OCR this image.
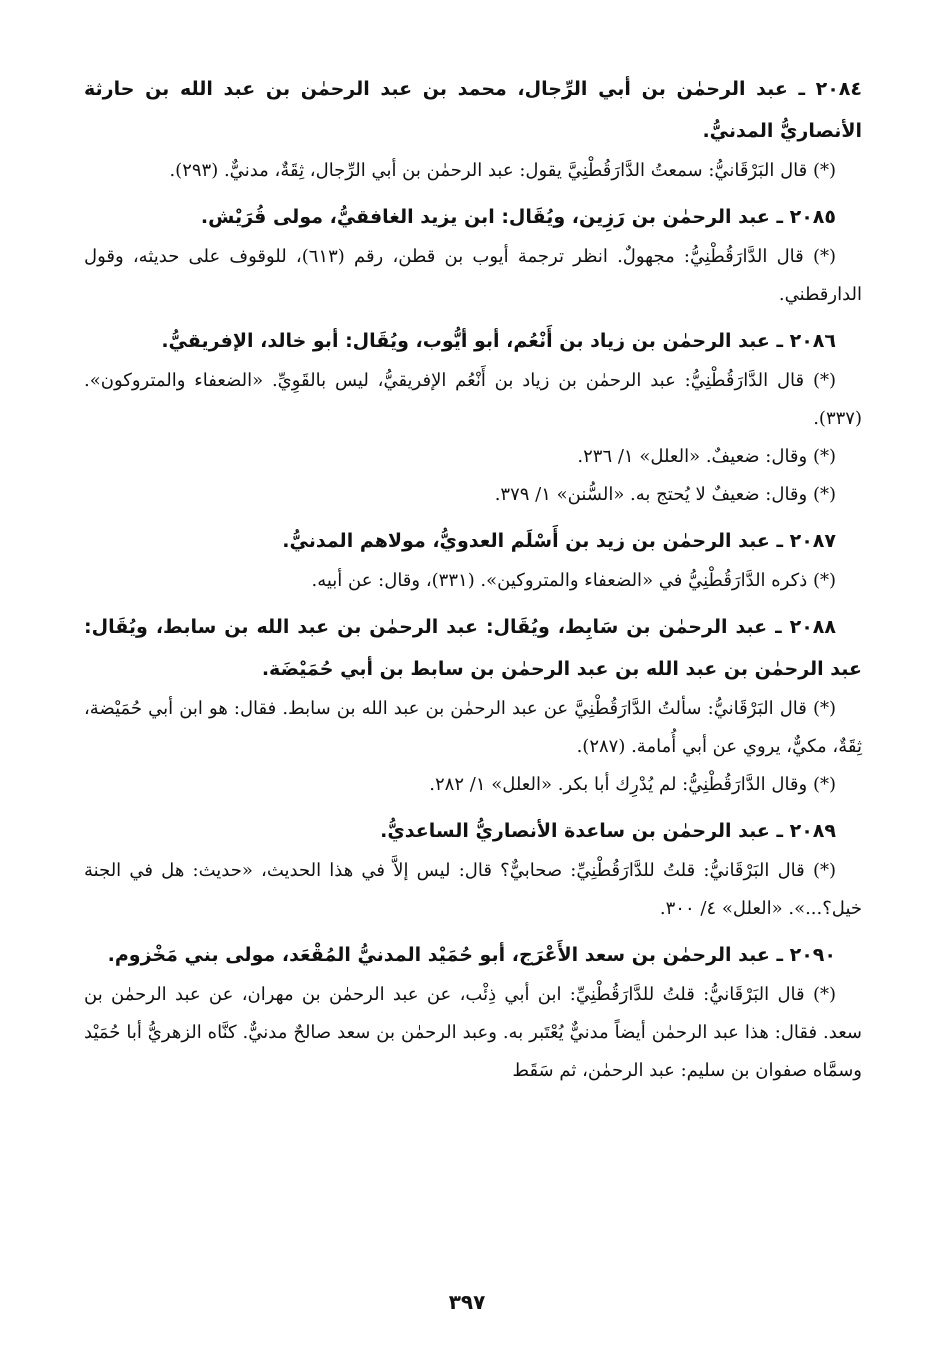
٢٠٨٤ ـ عبد الرحمٰن بن أبي الرِّجال، محمد بن عبد الرحمٰن بن عبد الله بن حارثة الأنصاريُّ المدنيُّ.

(*) قال البَرْقَانيُّ: سمعتُ الدَّارَقُطْنِيَّ يقول: عبد الرحمٰن بن أبي الرِّجال، ثِقَةٌ، مدنيٌّ. (٢٩٣).

٢٠٨٥ ـ عبد الرحمٰن بن رَزِين، ويُقَال: ابن يزيد الغافقيُّ، مولى قُرَيْش.

(*) قال الدَّارَقُطْنِيُّ: مجهولٌ. انظر ترجمة أيوب بن قطن، رقم (٦١٣)، للوقوف على حديثه، وقول الدارقطني.

٢٠٨٦ ـ عبد الرحمٰن بن زياد بن أَنْعُم، أبو أيُّوب، ويُقَال: أبو خالد، الإفريقيُّ.

(*) قال الدَّارَقُطْنِيُّ: عبد الرحمٰن بن زياد بن أَنْعُم الإفريقيُّ، ليس بالقَوِيِّ. «الضعفاء والمتروكون». (٣٣٧).

(*) وقال: ضعيفٌ. «العلل» ١/ ٢٣٦.

(*) وقال: ضعيفٌ لا يُحتج به. «السُّنن» ١/ ٣٧٩.

٢٠٨٧ ـ عبد الرحمٰن بن زيد بن أَسْلَم العدويُّ، مولاهم المدنيُّ.

(*) ذكره الدَّارَقُطْنِيُّ في «الضعفاء والمتروكين». (٣٣١)، وقال: عن أبيه.

٢٠٨٨ ـ عبد الرحمٰن بن سَابِط، ويُقَال: عبد الرحمٰن بن عبد الله بن سابط، ويُقَال: عبد الرحمٰن بن عبد الله بن عبد الرحمٰن بن سابط بن أبي حُمَيْضَة.

(*) قال البَرْقَانيُّ: سألتُ الدَّارَقُطْنِيَّ عن عبد الرحمٰن بن عبد الله بن سابط. فقال: هو ابن أبي حُمَيْضة، ثِقَةٌ، مكيٌّ، يروي عن أبي أُمامة. (٢٨٧).

(*) وقال الدَّارَقُطْنِيُّ: لم يُدْرِك أبا بكر. «العلل» ١/ ٢٨٢.

٢٠٨٩ ـ عبد الرحمٰن بن ساعدة الأنصاريُّ الساعديُّ.

(*) قال البَرْقَانيُّ: قلتُ للدَّارَقُطْنِيِّ: صحابيٌّ؟ قال: ليس إلاَّ في هذا الحديث، «حديث: هل في الجنة خيل؟...». «العلل» ٤/ ٣٠٠.

٢٠٩٠ ـ عبد الرحمٰن بن سعد الأَعْرَج، أبو حُمَيْد المدنيُّ المُقْعَد، مولى بني مَخْزوم.

(*) قال البَرْقَانيُّ: قلتُ للدَّارَقُطْنِيِّ: ابن أبي ذِئْب، عن عبد الرحمٰن بن مهران، عن عبد الرحمٰن بن سعد. فقال: هذا عبد الرحمٰن أيضاً مدنيٌّ يُعْتَبر به. وعبد الرحمٰن بن سعد صالحٌ مدنيٌّ. كنَّاه الزهريُّ أبا حُمَيْد وسمَّاه صفوان بن سليم: عبد الرحمٰن، ثم سَقَط

٣٩٧
